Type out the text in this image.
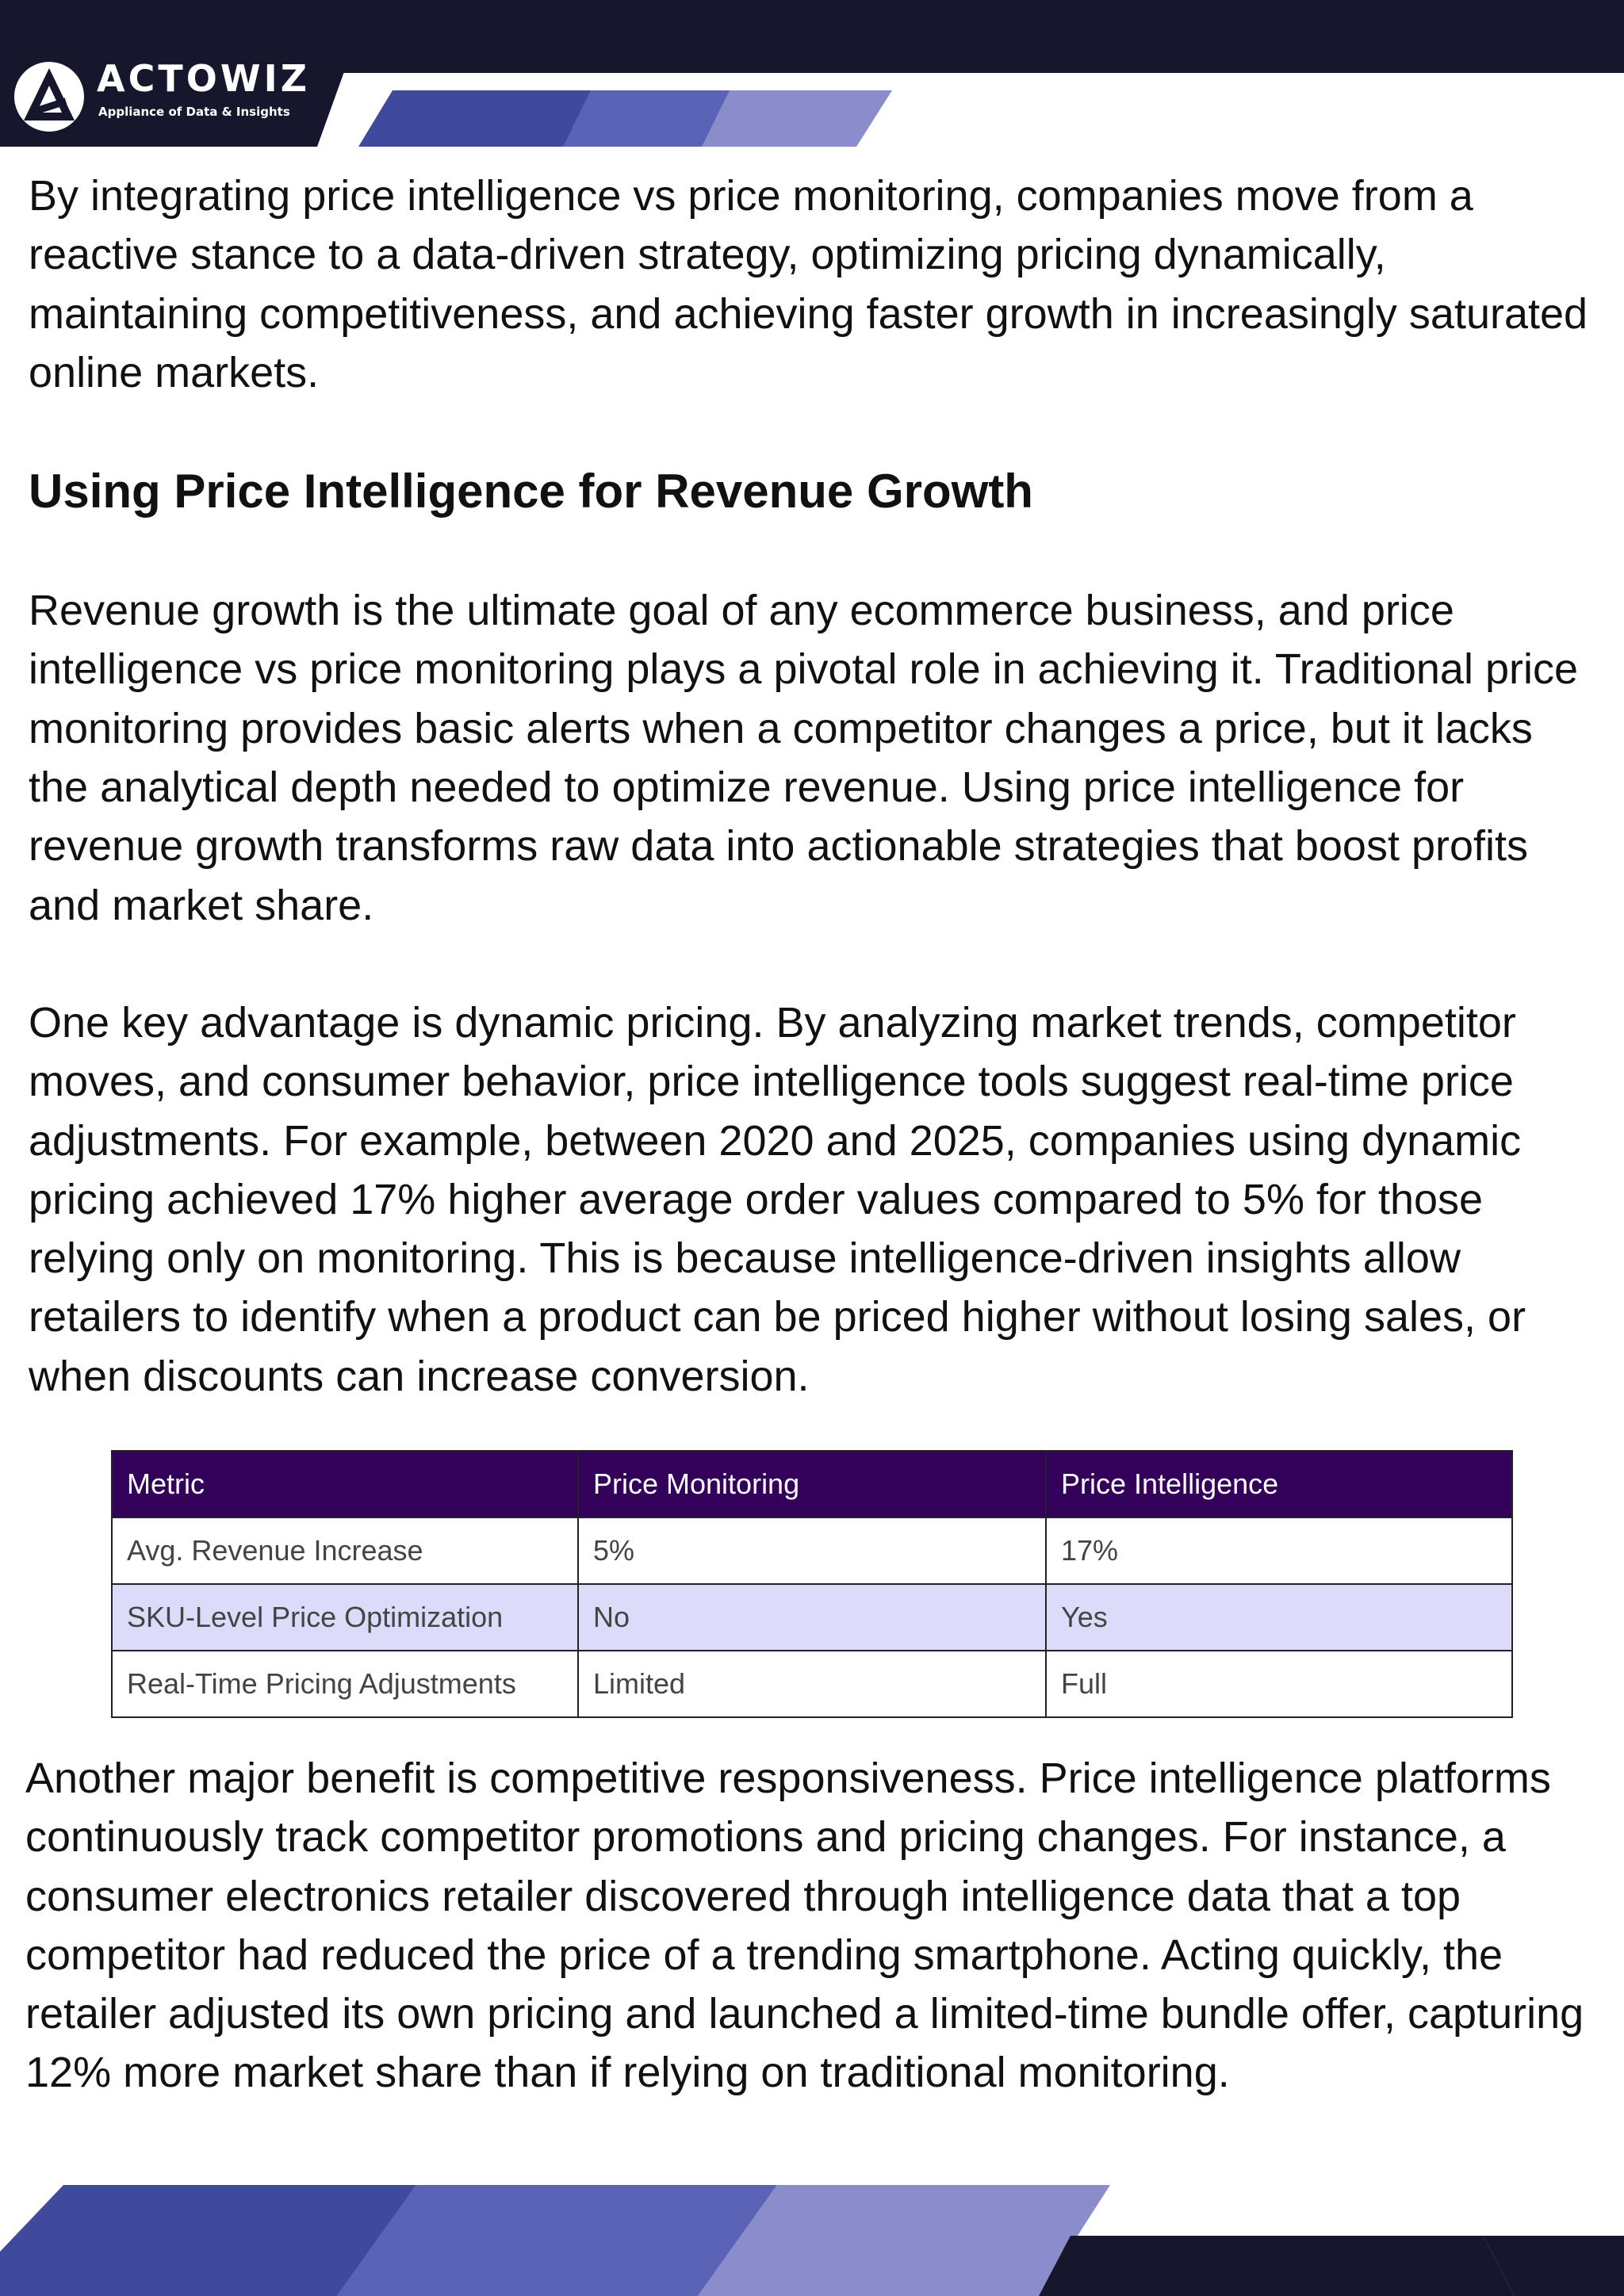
ACTOWIZ
Appliance of Data & Insights

By integrating price intelligence vs price monitoring, companies move from a reactive stance to a data-driven strategy, optimizing pricing dynamically, maintaining competitiveness, and achieving faster growth in increasingly saturated online markets.

Using Price Intelligence for Revenue Growth

Revenue growth is the ultimate goal of any ecommerce business, and price intelligence vs price monitoring plays a pivotal role in achieving it. Traditional price monitoring provides basic alerts when a competitor changes a price, but it lacks the analytical depth needed to optimize revenue. Using price intelligence for revenue growth transforms raw data into actionable strategies that boost profits and market share.

One key advantage is dynamic pricing. By analyzing market trends, competitor moves, and consumer behavior, price intelligence tools suggest real-time price adjustments. For example, between 2020 and 2025, companies using dynamic pricing achieved 17% higher average order values compared to 5% for those relying only on monitoring. This is because intelligence-driven insights allow retailers to identify when a product can be priced higher without losing sales, or when discounts can increase conversion.

Metric	Price Monitoring	Price Intelligence
Avg. Revenue Increase	5%	17%
SKU-Level Price Optimization	No	Yes
Real-Time Pricing Adjustments	Limited	Full

Another major benefit is competitive responsiveness. Price intelligence platforms continuously track competitor promotions and pricing changes. For instance, a consumer electronics retailer discovered through intelligence data that a top competitor had reduced the price of a trending smartphone. Acting quickly, the retailer adjusted its own pricing and launched a limited-time bundle offer, capturing 12% more market share than if relying on traditional monitoring.
